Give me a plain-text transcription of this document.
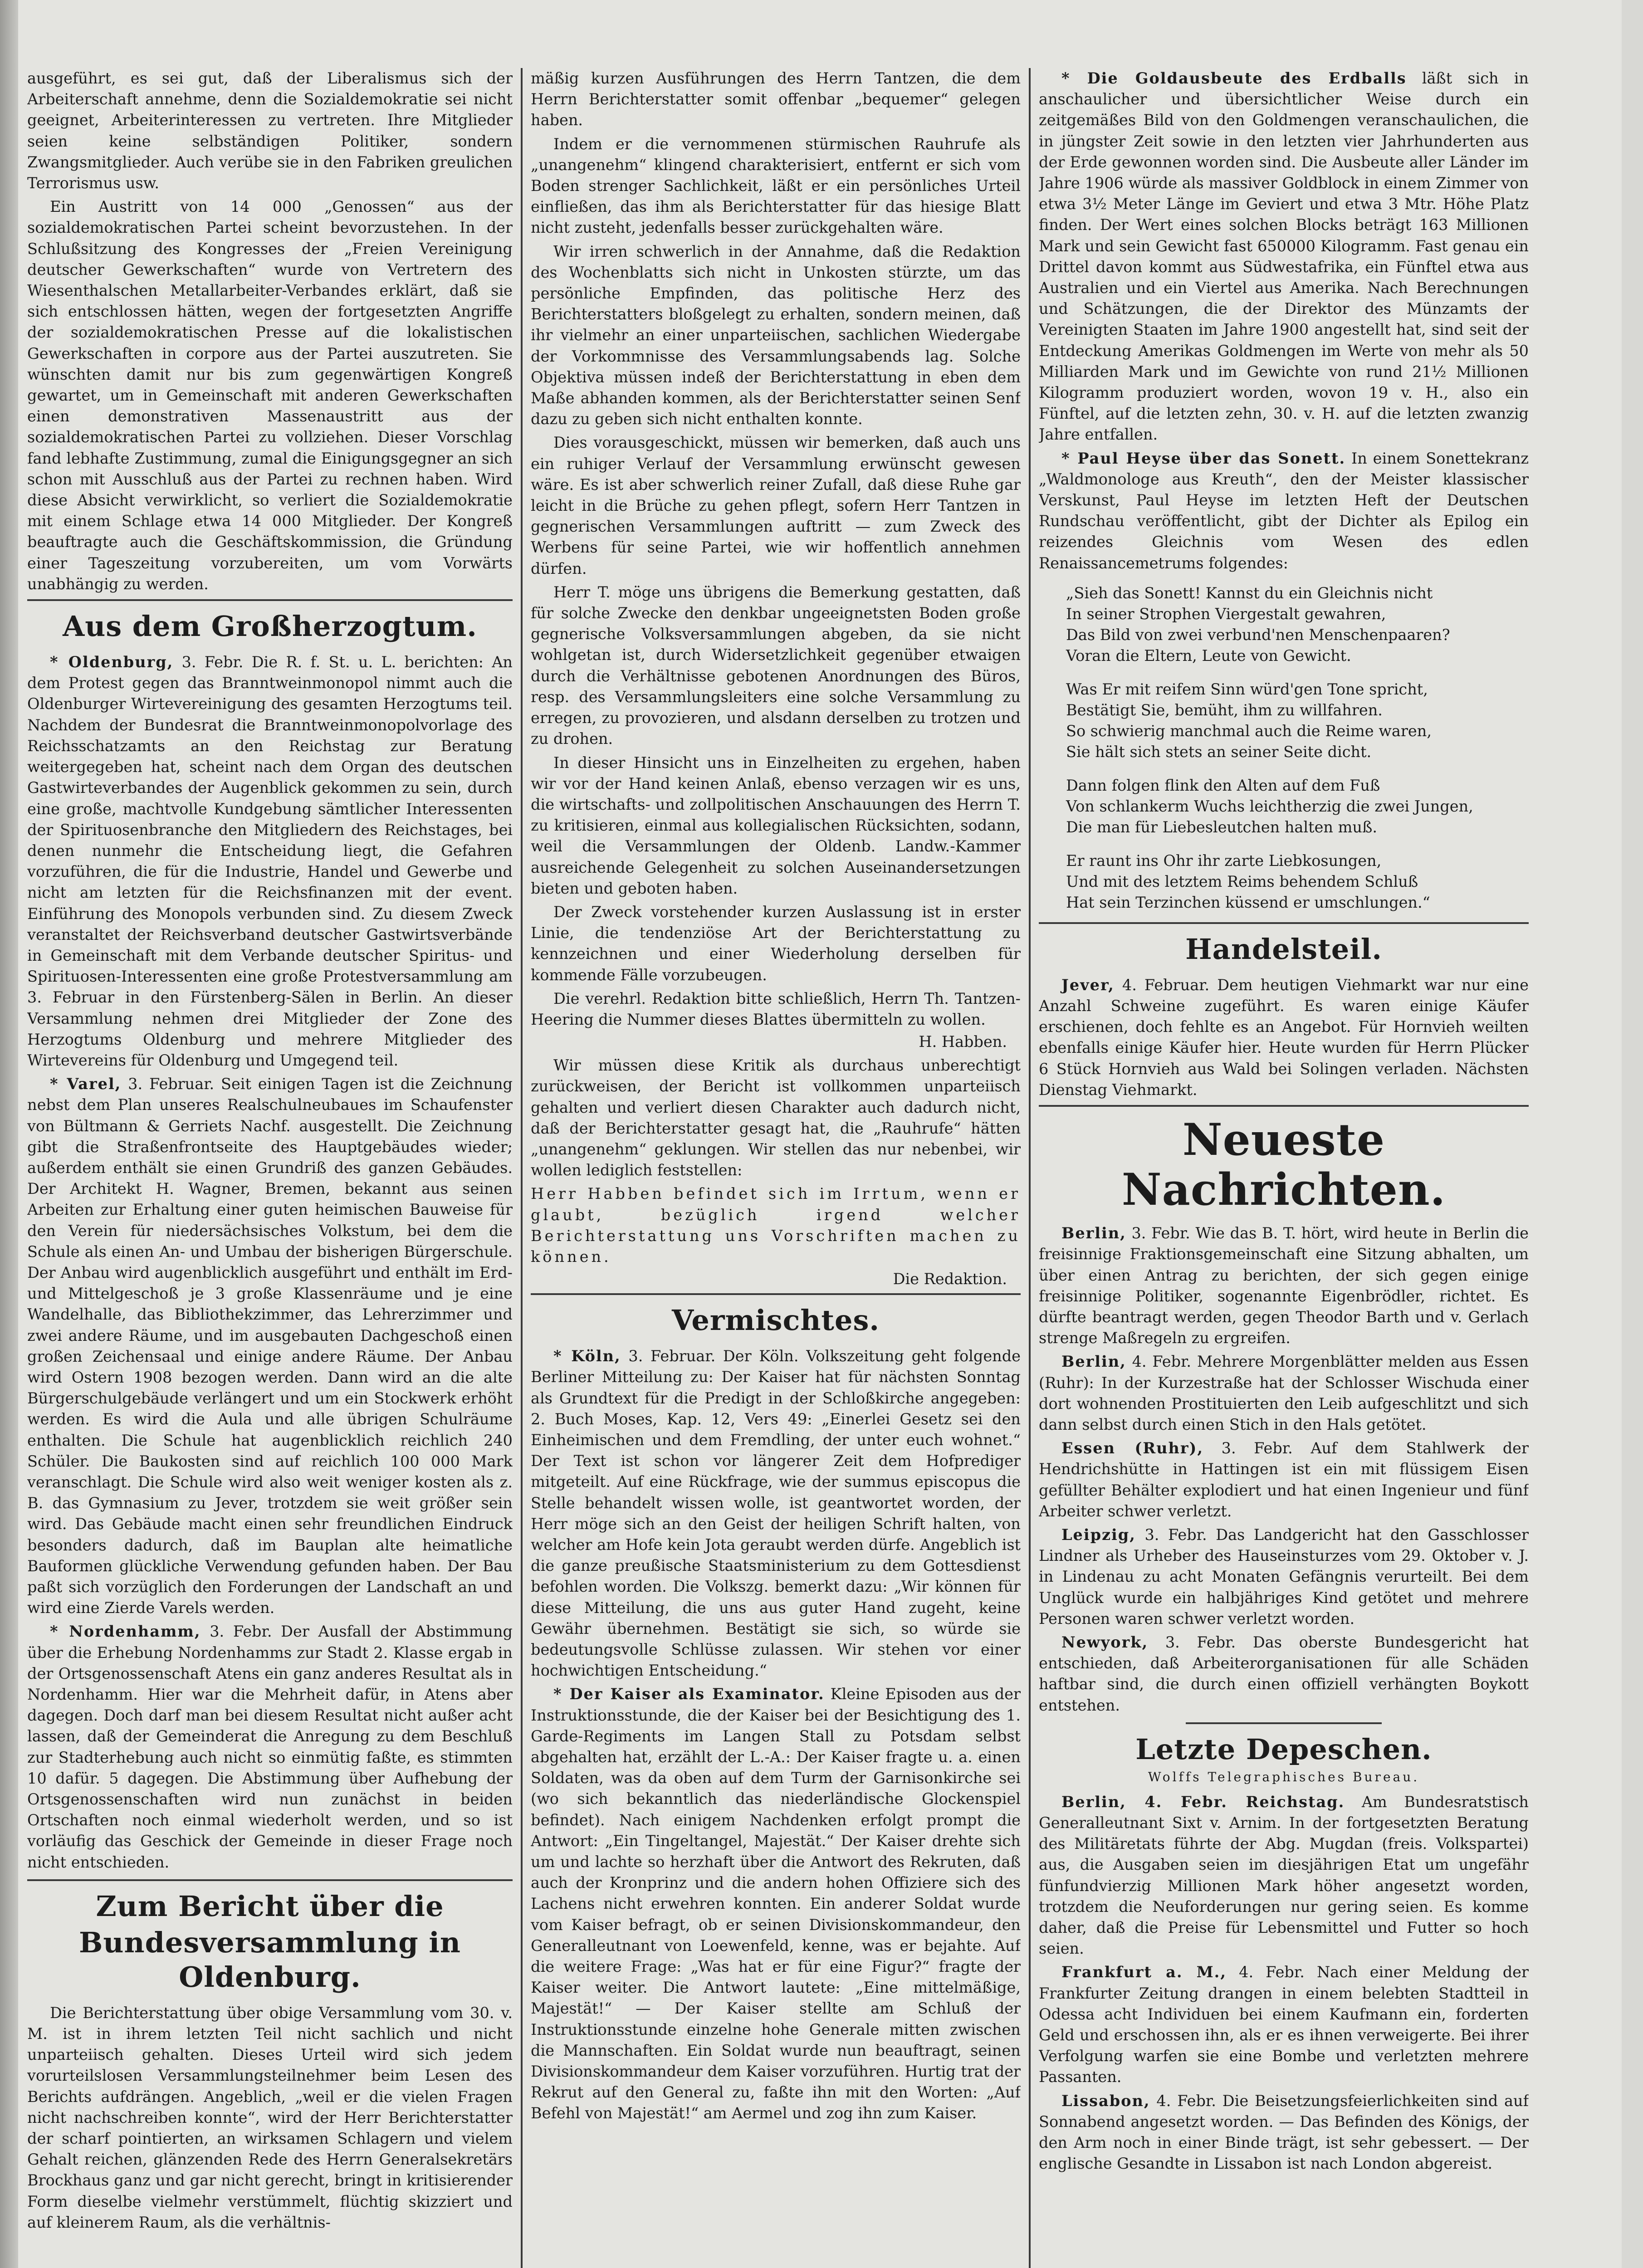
ausgeführt, es sei gut, daß der Liberalismus sich der Arbeiterschaft annehme, denn die Sozialdemokratie sei nicht geeignet, Arbeiterinteressen zu vertreten. Ihre Mitglieder seien keine selbständigen Politiker, sondern Zwangsmitglieder. Auch verübe sie in den Fabriken greulichen Terrorismus usw.

Ein Austritt von 14 000 „Genossen“ aus der sozialdemokratischen Partei scheint bevorzustehen. In der Schlußsitzung des Kongresses der „Freien Vereinigung deutscher Gewerkschaften“ wurde von Vertretern des Wiesenthalschen Metallarbeiter-Verbandes erklärt, daß sie sich entschlossen hätten, wegen der fortgesetzten Angriffe der sozialdemokratischen Presse auf die lokalistischen Gewerkschaften in corpore aus der Partei auszutreten. Sie wünschten damit nur bis zum gegenwärtigen Kongreß gewartet, um in Gemeinschaft mit anderen Gewerkschaften einen demonstrativen Massenaustritt aus der sozialdemokratischen Partei zu vollziehen. Dieser Vorschlag fand lebhafte Zustimmung, zumal die Einigungsgegner an sich schon mit Ausschluß aus der Partei zu rechnen haben. Wird diese Absicht verwirklicht, so verliert die Sozialdemokratie mit einem Schlage etwa 14 000 Mitglieder. Der Kongreß beauftragte auch die Geschäftskommission, die Gründung einer Tageszeitung vorzubereiten, um vom Vorwärts unabhängig zu werden.

Aus dem Großherzogtum.

* Oldenburg, 3. Febr. Die R. f. St. u. L. berichten: An dem Protest gegen das Branntweinmonopol nimmt auch die Oldenburger Wirtevereinigung des gesamten Herzogtums teil. Nachdem der Bundesrat die Branntweinmonopolvorlage des Reichsschatzamts an den Reichstag zur Beratung weitergegeben hat, scheint nach dem Organ des deutschen Gastwirteverbandes der Augenblick gekommen zu sein, durch eine große, machtvolle Kundgebung sämtlicher Interessenten der Spirituosenbranche den Mitgliedern des Reichstages, bei denen nunmehr die Entscheidung liegt, die Gefahren vorzuführen, die für die Industrie, Handel und Gewerbe und nicht am letzten für die Reichsfinanzen mit der event. Einführung des Monopols verbunden sind. Zu diesem Zweck veranstaltet der Reichsverband deutscher Gastwirtsverbände in Gemeinschaft mit dem Verbande deutscher Spiritus- und Spirituosen-Interessenten eine große Protestversammlung am 3. Februar in den Fürstenberg-Sälen in Berlin. An dieser Versammlung nehmen drei Mitglieder der Zone des Herzogtums Oldenburg und mehrere Mitglieder des Wirtevereins für Oldenburg und Umgegend teil.

* Varel, 3. Februar. Seit einigen Tagen ist die Zeichnung nebst dem Plan unseres Realschulneubaues im Schaufenster von Bültmann & Gerriets Nachf. ausgestellt. Die Zeichnung gibt die Straßenfrontseite des Hauptgebäudes wieder; außerdem enthält sie einen Grundriß des ganzen Gebäudes. Der Architekt H. Wagner, Bremen, bekannt aus seinen Arbeiten zur Erhaltung einer guten heimischen Bauweise für den Verein für niedersächsisches Volkstum, bei dem die Schule als einen An- und Umbau der bisherigen Bürgerschule. Der Anbau wird augenblicklich ausgeführt und enthält im Erd- und Mittelgeschoß je 3 große Klassenräume und je eine Wandelhalle, das Bibliothekzimmer, das Lehrerzimmer und zwei andere Räume, und im ausgebauten Dachgeschoß einen großen Zeichensaal und einige andere Räume. Der Anbau wird Ostern 1908 bezogen werden. Dann wird an die alte Bürgerschulgebäude verlängert und um ein Stockwerk erhöht werden. Es wird die Aula und alle übrigen Schulräume enthalten. Die Schule hat augenblicklich reichlich 240 Schüler. Die Baukosten sind auf reichlich 100 000 Mark veranschlagt. Die Schule wird also weit weniger kosten als z. B. das Gymnasium zu Jever, trotzdem sie weit größer sein wird. Das Gebäude macht einen sehr freundlichen Eindruck besonders dadurch, daß im Bauplan alte heimatliche Bauformen glückliche Verwendung gefunden haben. Der Bau paßt sich vorzüglich den Forderungen der Landschaft an und wird eine Zierde Varels werden.

* Nordenhamm, 3. Febr. Der Ausfall der Abstimmung über die Erhebung Nordenhamms zur Stadt 2. Klasse ergab in der Ortsgenossenschaft Atens ein ganz anderes Resultat als in Nordenhamm. Hier war die Mehrheit dafür, in Atens aber dagegen. Doch darf man bei diesem Resultat nicht außer acht lassen, daß der Gemeinderat die Anregung zu dem Beschluß zur Stadterhebung auch nicht so einmütig faßte, es stimmten 10 dafür. 5 dagegen. Die Abstimmung über Aufhebung der Ortsgenossenschaften wird nun zunächst in beiden Ortschaften noch einmal wiederholt werden, und so ist vorläufig das Geschick der Gemeinde in dieser Frage noch nicht entschieden.

Zum Bericht über die
Bundesversammlung in Oldenburg.

Die Berichterstattung über obige Versammlung vom 30. v. M. ist in ihrem letzten Teil nicht sachlich und nicht unparteiisch gehalten. Dieses Urteil wird sich jedem vorurteilslosen Versammlungsteilnehmer beim Lesen des Berichts aufdrängen. Angeblich, „weil er die vielen Fragen nicht nachschreiben konnte“, wird der Herr Berichterstatter der scharf pointierten, an wirksamen Schlagern und vielem Gehalt reichen, glänzenden Rede des Herrn Generalsekretärs Brockhaus ganz und gar nicht gerecht, bringt in kritisierender Form dieselbe vielmehr verstümmelt, flüchtig skizziert und auf kleinerem Raum, als die verhältnis-

mäßig kurzen Ausführungen des Herrn Tantzen, die dem Herrn Berichterstatter somit offenbar „bequemer“ gelegen haben.

Indem er die vernommenen stürmischen Rauhrufe als „unangenehm“ klingend charakterisiert, entfernt er sich vom Boden strenger Sachlichkeit, läßt er ein persönliches Urteil einfließen, das ihm als Berichterstatter für das hiesige Blatt nicht zusteht, jedenfalls besser zurückgehalten wäre.

Wir irren schwerlich in der Annahme, daß die Redaktion des Wochenblatts sich nicht in Unkosten stürzte, um das persönliche Empfinden, das politische Herz des Berichterstatters bloßgelegt zu erhalten, sondern meinen, daß ihr vielmehr an einer unparteiischen, sachlichen Wiedergabe der Vorkommnisse des Versammlungsabends lag. Solche Objektiva müssen indeß der Berichterstattung in eben dem Maße abhanden kommen, als der Berichterstatter seinen Senf dazu zu geben sich nicht enthalten konnte.

Dies vorausgeschickt, müssen wir bemerken, daß auch uns ein ruhiger Verlauf der Versammlung erwünscht gewesen wäre. Es ist aber schwerlich reiner Zufall, daß diese Ruhe gar leicht in die Brüche zu gehen pflegt, sofern Herr Tantzen in gegnerischen Versammlungen auftritt — zum Zweck des Werbens für seine Partei, wie wir hoffentlich annehmen dürfen.

Herr T. möge uns übrigens die Bemerkung gestatten, daß für solche Zwecke den denkbar ungeeignetsten Boden große gegnerische Volksversammlungen abgeben, da sie nicht wohlgetan ist, durch Widersetzlichkeit gegenüber etwaigen durch die Verhältnisse gebotenen Anordnungen des Büros, resp. des Versammlungsleiters eine solche Versammlung zu erregen, zu provozieren, und alsdann derselben zu trotzen und zu drohen.

In dieser Hinsicht uns in Einzelheiten zu ergehen, haben wir vor der Hand keinen Anlaß, ebenso verzagen wir es uns, die wirtschafts- und zollpolitischen Anschauungen des Herrn T. zu kritisieren, einmal aus kollegialischen Rücksichten, sodann, weil die Versammlungen der Oldenb. Landw.-Kammer ausreichende Gelegenheit zu solchen Auseinandersetzungen bieten und geboten haben.

Der Zweck vorstehender kurzen Auslassung ist in erster Linie, die tendenziöse Art der Berichterstattung zu kennzeichnen und einer Wiederholung derselben für kommende Fälle vorzubeugen.

Die verehrl. Redaktion bitte schließlich, Herrn Th. Tantzen-Heering die Nummer dieses Blattes übermitteln zu wollen.

H. Habben.

Wir müssen diese Kritik als durchaus unberechtigt zurückweisen, der Bericht ist vollkommen unparteiisch gehalten und verliert diesen Charakter auch dadurch nicht, daß der Berichterstatter gesagt hat, die „Rauhrufe“ hätten „unangenehm“ geklungen. Wir stellen das nur nebenbei, wir wollen lediglich feststellen:

Herr Habben befindet sich im Irrtum, wenn er glaubt, bezüglich irgend welcher Berichterstattung uns Vorschriften machen zu können.

Die Redaktion.
Vermischtes.

* Köln, 3. Februar. Der Köln. Volkszeitung geht folgende Berliner Mitteilung zu: Der Kaiser hat für nächsten Sonntag als Grundtext für die Predigt in der Schloßkirche angegeben: 2. Buch Moses, Kap. 12, Vers 49: „Einerlei Gesetz sei den Einheimischen und dem Fremdling, der unter euch wohnet.“ Der Text ist schon vor längerer Zeit dem Hofprediger mitgeteilt. Auf eine Rückfrage, wie der summus episcopus die Stelle behandelt wissen wolle, ist geantwortet worden, der Herr möge sich an den Geist der heiligen Schrift halten, von welcher am Hofe kein Jota geraubt werden dürfe. Angeblich ist die ganze preußische Staatsministerium zu dem Gottesdienst befohlen worden. Die Volkszg. bemerkt dazu: „Wir können für diese Mitteilung, die uns aus guter Hand zugeht, keine Gewähr übernehmen. Bestätigt sie sich, so würde sie bedeutungsvolle Schlüsse zulassen. Wir stehen vor einer hochwichtigen Entscheidung.“

* Der Kaiser als Examinator. Kleine Episoden aus der Instruktionsstunde, die der Kaiser bei der Besichtigung des 1. Garde-Regiments im Langen Stall zu Potsdam selbst abgehalten hat, erzählt der L.-A.: Der Kaiser fragte u. a. einen Soldaten, was da oben auf dem Turm der Garnisonkirche sei (wo sich bekanntlich das niederländische Glockenspiel befindet). Nach einigem Nachdenken erfolgt prompt die Antwort: „Ein Tingeltangel, Majestät.“ Der Kaiser drehte sich um und lachte so herzhaft über die Antwort des Rekruten, daß auch der Kronprinz und die andern hohen Offiziere sich des Lachens nicht erwehren konnten. Ein anderer Soldat wurde vom Kaiser befragt, ob er seinen Divisionskommandeur, den Generalleutnant von Loewenfeld, kenne, was er bejahte. Auf die weitere Frage: „Was hat er für eine Figur?“ fragte der Kaiser weiter. Die Antwort lautete: „Eine mittelmäßige, Majestät!“ — Der Kaiser stellte am Schluß der Instruktionsstunde einzelne hohe Generale mitten zwischen die Mannschaften. Ein Soldat wurde nun beauftragt, seinen Divisionskommandeur dem Kaiser vorzuführen. Hurtig trat der Rekrut auf den General zu, faßte ihn mit den Worten: „Auf Befehl von Majestät!“ am Aermel und zog ihn zum Kaiser.

* Die Goldausbeute des Erdballs läßt sich in anschaulicher und übersichtlicher Weise durch ein zeitgemäßes Bild von den Goldmengen veranschaulichen, die in jüngster Zeit sowie in den letzten vier Jahrhunderten aus der Erde gewonnen worden sind. Die Ausbeute aller Länder im Jahre 1906 würde als massiver Goldblock in einem Zimmer von etwa 3½ Meter Länge im Geviert und etwa 3 Mtr. Höhe Platz finden. Der Wert eines solchen Blocks beträgt 163 Millionen Mark und sein Gewicht fast 650000 Kilogramm. Fast genau ein Drittel davon kommt aus Südwestafrika, ein Fünftel etwa aus Australien und ein Viertel aus Amerika. Nach Berechnungen und Schätzungen, die der Direktor des Münzamts der Vereinigten Staaten im Jahre 1900 angestellt hat, sind seit der Entdeckung Amerikas Goldmengen im Werte von mehr als 50 Milliarden Mark und im Gewichte von rund 21½ Millionen Kilogramm produziert worden, wovon 19 v. H., also ein Fünftel, auf die letzten zehn, 30. v. H. auf die letzten zwanzig Jahre entfallen.

* Paul Heyse über das Sonett. In einem Sonettekranz „Waldmonologe aus Kreuth“, den der Meister klassischer Verskunst, Paul Heyse im letzten Heft der Deutschen Rundschau veröffentlicht, gibt der Dichter als Epilog ein reizendes Gleichnis vom Wesen des edlen Renaissancemetrums folgendes:

„Sieh das Sonett! Kannst du ein Gleichnis nicht
In seiner Strophen Viergestalt gewahren,
Das Bild von zwei verbund'nen Menschenpaaren?
Voran die Eltern, Leute von Gewicht.
Was Er mit reifem Sinn würd'gen Tone spricht,
Bestätigt Sie, bemüht, ihm zu willfahren.
So schwierig manchmal auch die Reime waren,
Sie hält sich stets an seiner Seite dicht.
Dann folgen flink den Alten auf dem Fuß
Von schlankerm Wuchs leichtherzig die zwei Jungen,
Die man für Liebesleutchen halten muß.
Er raunt ins Ohr ihr zarte Liebkosungen,
Und mit des letztem Reims behendem Schluß
Hat sein Terzinchen küssend er umschlungen.“
Handelsteil.

Jever, 4. Februar. Dem heutigen Viehmarkt war nur eine Anzahl Schweine zugeführt. Es waren einige Käufer erschienen, doch fehlte es an Angebot. Für Hornvieh weilten ebenfalls einige Käufer hier. Heute wurden für Herrn Plücker 6 Stück Hornvieh aus Wald bei Solingen verladen. Nächsten Dienstag Viehmarkt.

Neueste Nachrichten.

Berlin, 3. Febr. Wie das B. T. hört, wird heute in Berlin die freisinnige Fraktionsgemeinschaft eine Sitzung abhalten, um über einen Antrag zu berichten, der sich gegen einige freisinnige Politiker, sogenannte Eigenbrödler, richtet. Es dürfte beantragt werden, gegen Theodor Barth und v. Gerlach strenge Maßregeln zu ergreifen.

Berlin, 4. Febr. Mehrere Morgenblätter melden aus Essen (Ruhr): In der Kurzestraße hat der Schlosser Wischuda einer dort wohnenden Prostituierten den Leib aufgeschlitzt und sich dann selbst durch einen Stich in den Hals getötet.

Essen (Ruhr), 3. Febr. Auf dem Stahlwerk der Hendrichshütte in Hattingen ist ein mit flüssigem Eisen gefüllter Behälter explodiert und hat einen Ingenieur und fünf Arbeiter schwer verletzt.

Leipzig, 3. Febr. Das Landgericht hat den Gasschlosser Lindner als Urheber des Hauseinsturzes vom 29. Oktober v. J. in Lindenau zu acht Monaten Gefängnis verurteilt. Bei dem Unglück wurde ein halbjähriges Kind getötet und mehrere Personen waren schwer verletzt worden.

Newyork, 3. Febr. Das oberste Bundesgericht hat entschieden, daß Arbeiterorganisationen für alle Schäden haftbar sind, die durch einen offiziell verhängten Boykott entstehen.

Letzte Depeschen.
Wolffs Telegraphisches Bureau.

Berlin, 4. Febr. Reichstag. Am Bundesratstisch Generalleutnant Sixt v. Arnim. In der fortgesetzten Beratung des Militäretats führte der Abg. Mugdan (freis. Volkspartei) aus, die Ausgaben seien im diesjährigen Etat um ungefähr fünfundvierzig Millionen Mark höher angesetzt worden, trotzdem die Neuforderungen nur gering seien. Es komme daher, daß die Preise für Lebensmittel und Futter so hoch seien.

Frankfurt a. M., 4. Febr. Nach einer Meldung der Frankfurter Zeitung drangen in einem belebten Stadtteil in Odessa acht Individuen bei einem Kaufmann ein, forderten Geld und erschossen ihn, als er es ihnen verweigerte. Bei ihrer Verfolgung warfen sie eine Bombe und verletzten mehrere Passanten.

Lissabon, 4. Febr. Die Beisetzungsfeierlichkeiten sind auf Sonnabend angesetzt worden. — Das Befinden des Königs, der den Arm noch in einer Binde trägt, ist sehr gebessert. — Der englische Gesandte in Lissabon ist nach London abgereist.
